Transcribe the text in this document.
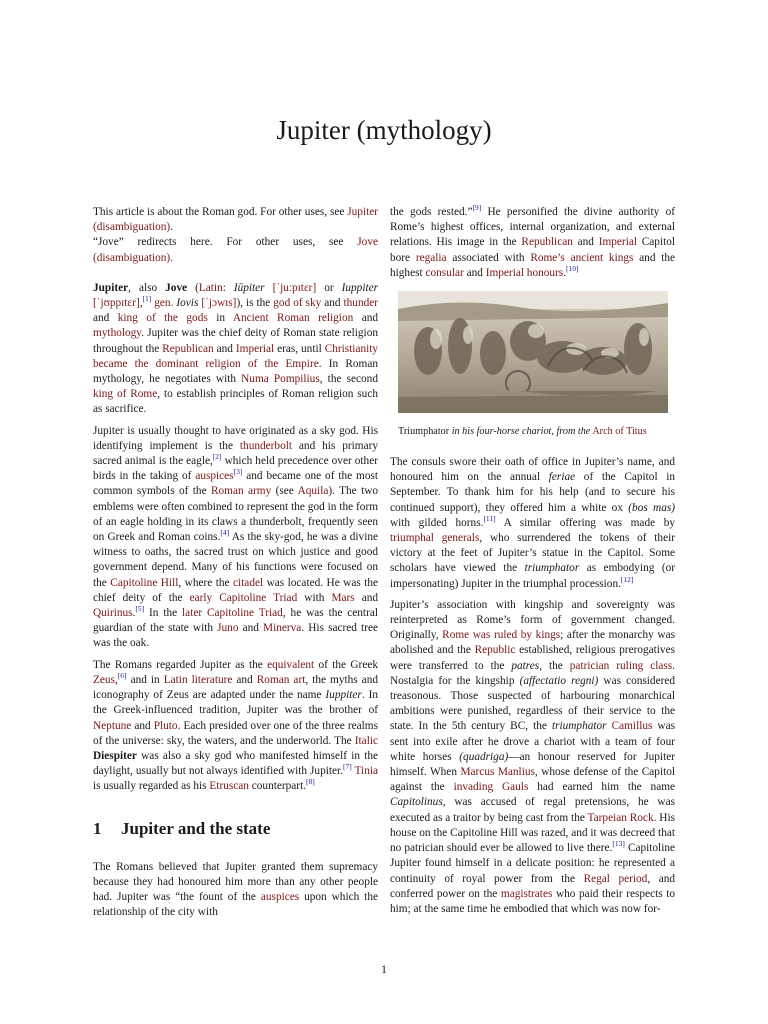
Jupiter (mythology)

This article is about the Roman god. For other uses, see Jupiter (disambiguation).

“Jove” redirects here. For other uses, see Jove (disambiguation).

Jupiter, also Jove (Latin: Iūpiter [ˈjuːpɪtɛr] or Iuppiter [ˈjʊppɪtɛr],[1] gen. Iovis [ˈjɔwɪs]), is the god of sky and thunder and king of the gods in Ancient Roman religion and mythology. Jupiter was the chief deity of Roman state religion throughout the Republican and Imperial eras, until Christianity became the dominant religion of the Empire. In Roman mythology, he negotiates with Numa Pompilius, the second king of Rome, to establish principles of Roman religion such as sacrifice.

Jupiter is usually thought to have originated as a sky god. His identifying implement is the thunderbolt and his primary sacred animal is the eagle,[2] which held precedence over other birds in the taking of auspices[3] and became one of the most common symbols of the Roman army (see Aquila). The two emblems were often combined to represent the god in the form of an eagle holding in its claws a thunderbolt, frequently seen on Greek and Roman coins.[4] As the sky-god, he was a divine witness to oaths, the sacred trust on which justice and good government depend. Many of his functions were focused on the Capitoline Hill, where the citadel was located. He was the chief deity of the early Capitoline Triad with Mars and Quirinus.[5] In the later Capitoline Triad, he was the central guardian of the state with Juno and Minerva. His sacred tree was the oak.

The Romans regarded Jupiter as the equivalent of the Greek Zeus,[6] and in Latin literature and Roman art, the myths and iconography of Zeus are adapted under the name Iuppiter. In the Greek-influenced tradition, Jupiter was the brother of Neptune and Pluto. Each presided over one of the three realms of the universe: sky, the waters, and the underworld. The Italic Diespiter was also a sky god who manifested himself in the daylight, usually but not always identified with Jupiter.[7] Tinia is usually regarded as his Etruscan counterpart.[8]

1 Jupiter and the state

The Romans believed that Jupiter granted them supremacy because they had honoured him more than any other people had. Jupiter was “the fount of the auspices upon which the relationship of the city with

the gods rested.”[9] He personified the divine authority of Rome’s highest offices, internal organization, and external relations. His image in the Republican and Imperial Capitol bore regalia associated with Rome’s ancient kings and the highest consular and Imperial honours.[10]

Triumphator in his four-horse chariot, from the Arch of Titus

The consuls swore their oath of office in Jupiter’s name, and honoured him on the annual feriae of the Capitol in September. To thank him for his help (and to secure his continued support), they offered him a white ox (bos mas) with gilded horns.[11] A similar offering was made by triumphal generals, who surrendered the tokens of their victory at the feet of Jupiter’s statue in the Capitol. Some scholars have viewed the triumphator as embodying (or impersonating) Jupiter in the triumphal procession.[12]

Jupiter’s association with kingship and sovereignty was reinterpreted as Rome’s form of government changed. Originally, Rome was ruled by kings; after the monarchy was abolished and the Republic established, religious prerogatives were transferred to the patres, the patrician ruling class. Nostalgia for the kingship (affectatio regni) was considered treasonous. Those suspected of harbouring monarchical ambitions were punished, regardless of their service to the state. In the 5th century BC, the triumphator Camillus was sent into exile after he drove a chariot with a team of four white horses (quadriga)—an honour reserved for Jupiter himself. When Marcus Manlius, whose defense of the Capitol against the invading Gauls had earned him the name Capitolinus, was accused of regal pretensions, he was executed as a traitor by being cast from the Tarpeian Rock. His house on the Capitoline Hill was razed, and it was decreed that no patrician should ever be allowed to live there.[13] Capitoline Jupiter found himself in a delicate position: he represented a continuity of royal power from the Regal period, and conferred power on the magistrates who paid their respects to him; at the same time he embodied that which was now for-

1
